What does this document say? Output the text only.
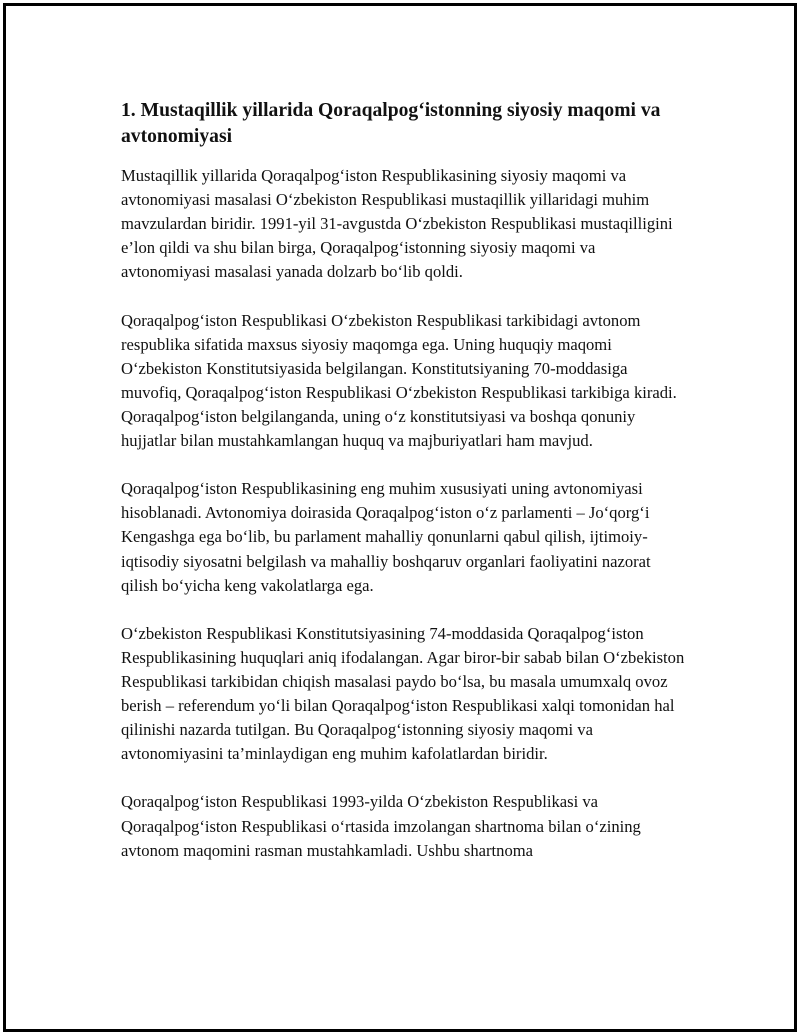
1. Mustaqillik yillarida Qoraqalpog‘istonning siyosiy maqomi va avtonomiyasi

Mustaqillik yillarida Qoraqalpog‘iston Respublikasining siyosiy maqomi va avtonomiyasi masalasi O‘zbekiston Respublikasi mustaqillik yillaridagi muhim mavzulardan biridir. 1991-yil 31-avgustda O‘zbekiston Respublikasi mustaqilligini e’lon qildi va shu bilan birga, Qoraqalpog‘istonning siyosiy maqomi va avtonomiyasi masalasi yanada dolzarb bo‘lib qoldi.

Qoraqalpog‘iston Respublikasi O‘zbekiston Respublikasi tarkibidagi avtonom respublika sifatida maxsus siyosiy maqomga ega. Uning huquqiy maqomi O‘zbekiston Konstitutsiyasida belgilangan. Konstitutsiyaning 70-moddasiga muvofiq, Qoraqalpog‘iston Respublikasi O‘zbekiston Respublikasi tarkibiga kiradi. Qoraqalpog‘iston belgilanganda, uning o‘z konstitutsiyasi va boshqa qonuniy hujjatlar bilan mustahkamlangan huquq va majburiyatlari ham mavjud.

Qoraqalpog‘iston Respublikasining eng muhim xususiyati uning avtonomiyasi hisoblanadi. Avtonomiya doirasida Qoraqalpog‘iston o‘z parlamenti – Jo‘qorg‘i Kengashga ega bo‘lib, bu parlament mahalliy qonunlarni qabul qilish, ijtimoiy-iqtisodiy siyosatni belgilash va mahalliy boshqaruv organlari faoliyatini nazorat qilish bo‘yicha keng vakolatlarga ega.

O‘zbekiston Respublikasi Konstitutsiyasining 74-moddasida Qoraqalpog‘iston Respublikasining huquqlari aniq ifodalangan. Agar biror-bir sabab bilan O‘zbekiston Respublikasi tarkibidan chiqish masalasi paydo bo‘lsa, bu masala umumxalq ovoz berish – referendum yo‘li bilan Qoraqalpog‘iston Respublikasi xalqi tomonidan hal qilinishi nazarda tutilgan. Bu Qoraqalpog‘istonning siyosiy maqomi va avtonomiyasini ta’minlaydigan eng muhim kafolatlardan biridir.

Qoraqalpog‘iston Respublikasi 1993-yilda O‘zbekiston Respublikasi va Qoraqalpog‘iston Respublikasi o‘rtasida imzolangan shartnoma bilan o‘zining avtonom maqomini rasman mustahkamladi. Ushbu shartnoma
